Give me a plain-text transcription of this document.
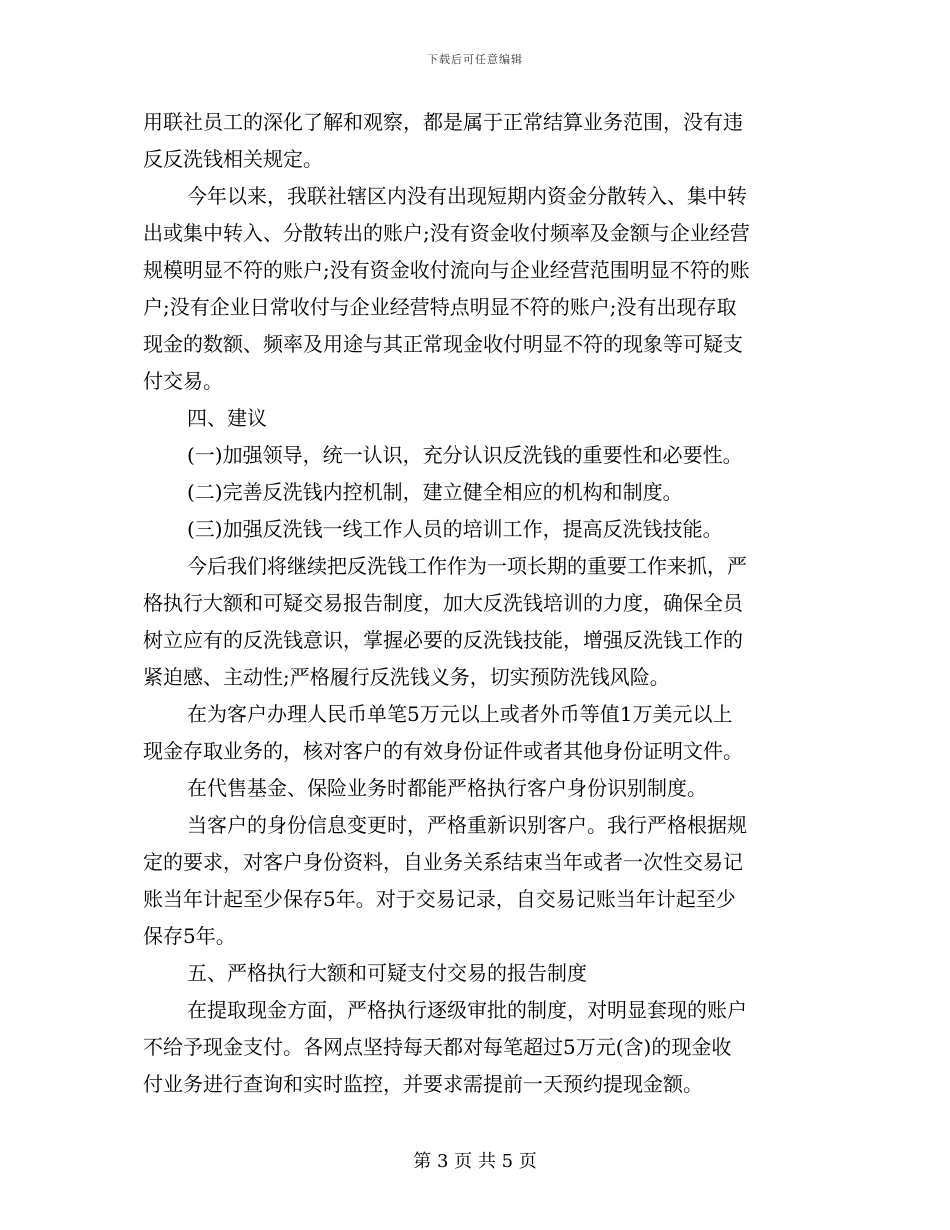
下载后可任意编辑
用联社员工的深化了解和观察，都是属于正常结算业务范围，没有违
反反洗钱相关规定。
今年以来，我联社辖区内没有出现短期内资金分散转入、集中转
出或集中转入、分散转出的账户;没有资金收付频率及金额与企业经营
规模明显不符的账户;没有资金收付流向与企业经营范围明显不符的账
户;没有企业日常收付与企业经营特点明显不符的账户;没有出现存取
现金的数额、频率及用途与其正常现金收付明显不符的现象等可疑支
付交易。
四、建议
(一)加强领导，统一认识，充分认识反洗钱的重要性和必要性。
(二)完善反洗钱内控机制，建立健全相应的机构和制度。
(三)加强反洗钱一线工作人员的培训工作，提高反洗钱技能。
今后我们将继续把反洗钱工作作为一项长期的重要工作来抓，严
格执行大额和可疑交易报告制度，加大反洗钱培训的力度，确保全员
树立应有的反洗钱意识，掌握必要的反洗钱技能，增强反洗钱工作的
紧迫感、主动性;严格履行反洗钱义务，切实预防洗钱风险。
在为客户办理人民币单笔5万元以上或者外币等值1万美元以上
现金存取业务的，核对客户的有效身份证件或者其他身份证明文件。
在代售基金、保险业务时都能严格执行客户身份识别制度。
当客户的身份信息变更时，严格重新识别客户。我行严格根据规
定的要求，对客户身份资料，自业务关系结束当年或者一次性交易记
账当年计起至少保存5年。对于交易记录，自交易记账当年计起至少
保存5年。
五、严格执行大额和可疑支付交易的报告制度
在提取现金方面，严格执行逐级审批的制度，对明显套现的账户
不给予现金支付。各网点坚持每天都对每笔超过5万元(含)的现金收
付业务进行查询和实时监控，并要求需提前一天预约提现金额。
第 3 页 共 5 页
